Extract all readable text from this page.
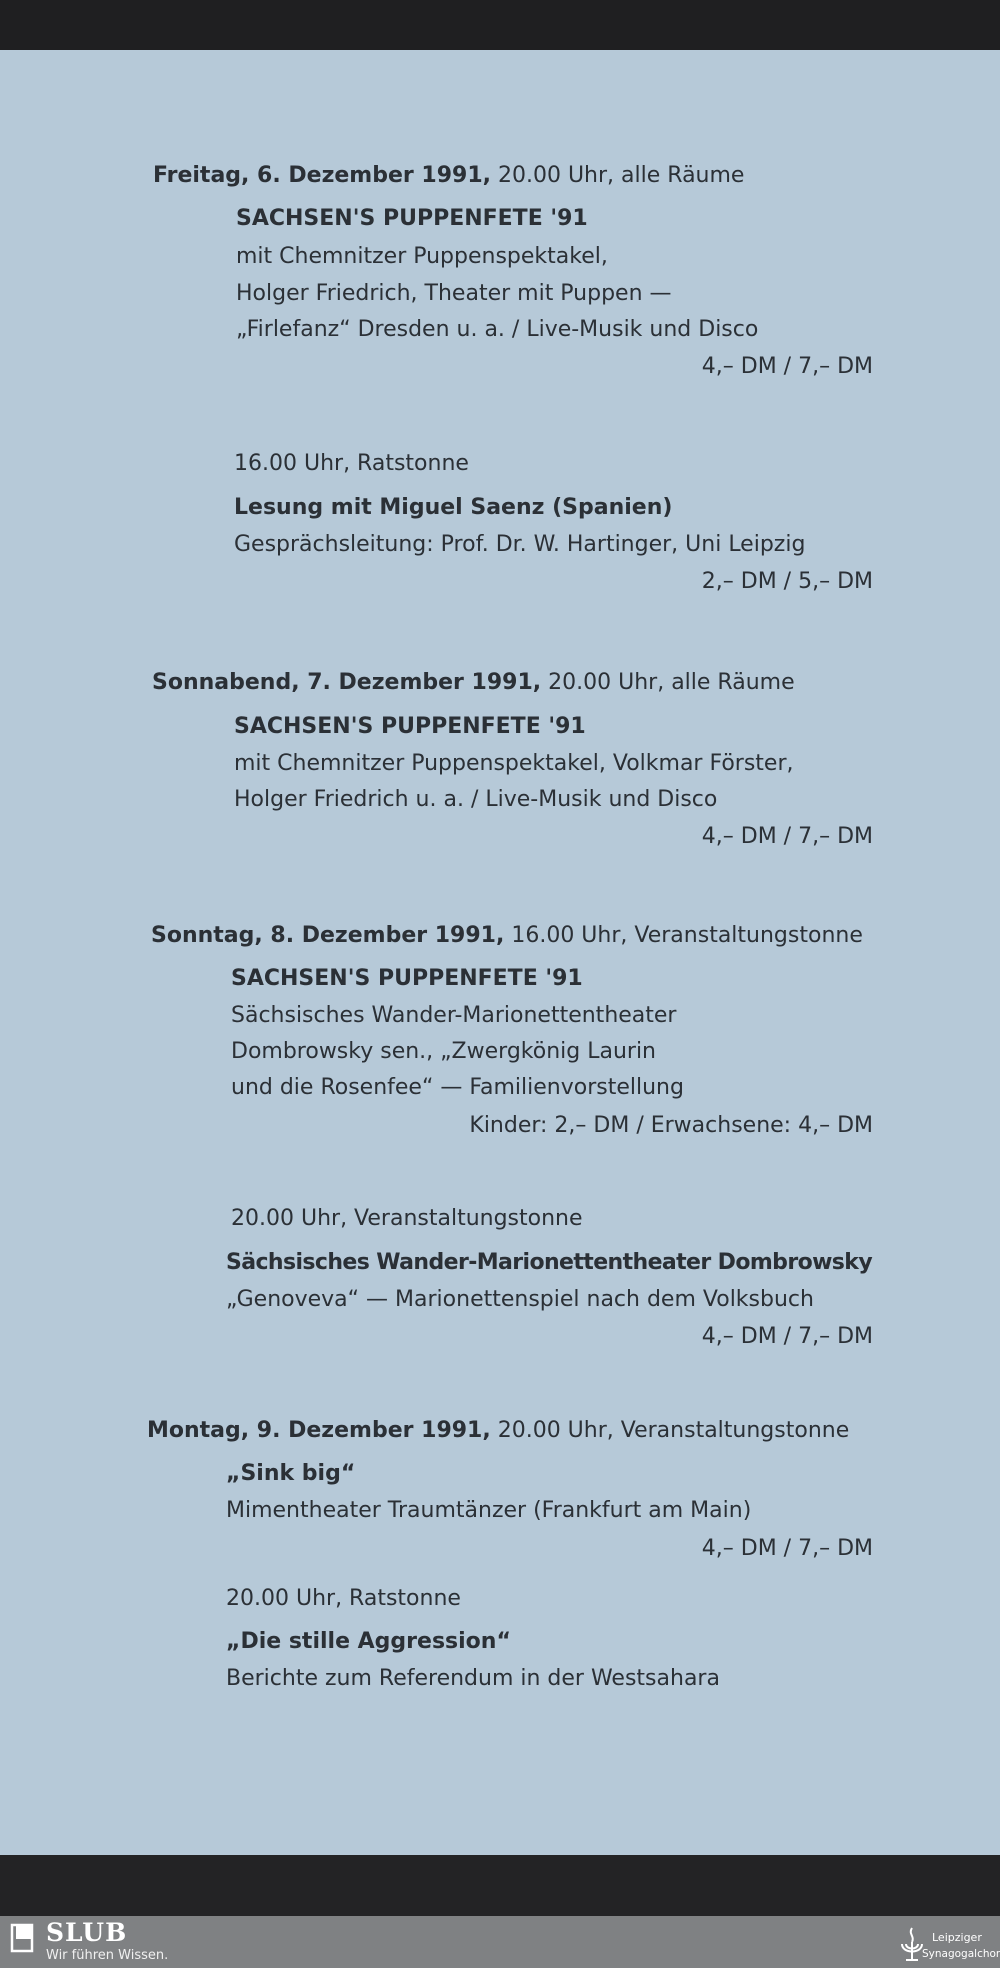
Freitag, 6. Dezember 1991, 20.00 Uhr, alle Räume
SACHSEN'S PUPPENFETE '91
mit Chemnitzer Puppenspektakel,
Holger Friedrich, Theater mit Puppen —
„Firlefanz“ Dresden u. a. / Live-Musik und Disco
4,– DM / 7,– DM
16.00 Uhr, Ratstonne
Lesung mit Miguel Saenz (Spanien)
Gesprächsleitung: Prof. Dr. W. Hartinger, Uni Leipzig
2,– DM / 5,– DM
Sonnabend, 7. Dezember 1991, 20.00 Uhr, alle Räume
SACHSEN'S PUPPENFETE '91
mit Chemnitzer Puppenspektakel, Volkmar Förster,
Holger Friedrich u. a. / Live-Musik und Disco
4,– DM / 7,– DM
Sonntag, 8. Dezember 1991, 16.00 Uhr, Veranstaltungstonne
SACHSEN'S PUPPENFETE '91
Sächsisches Wander-Marionettentheater
Dombrowsky sen., „Zwergkönig Laurin
und die Rosenfee“ — Familienvorstellung
Kinder: 2,– DM / Erwachsene: 4,– DM
20.00 Uhr, Veranstaltungstonne
Sächsisches Wander-Marionettentheater Dombrowsky
„Genoveva“ — Marionettenspiel nach dem Volksbuch
4,– DM / 7,– DM
Montag, 9. Dezember 1991, 20.00 Uhr, Veranstaltungstonne
„Sink big“
Mimentheater Traumtänzer (Frankfurt am Main)
4,– DM / 7,– DM
20.00 Uhr, Ratstonne
„Die stille Aggression“
Berichte zum Referendum in der Westsahara
SLUB
Wir führen Wissen.
Leipziger
Synagogalchor
